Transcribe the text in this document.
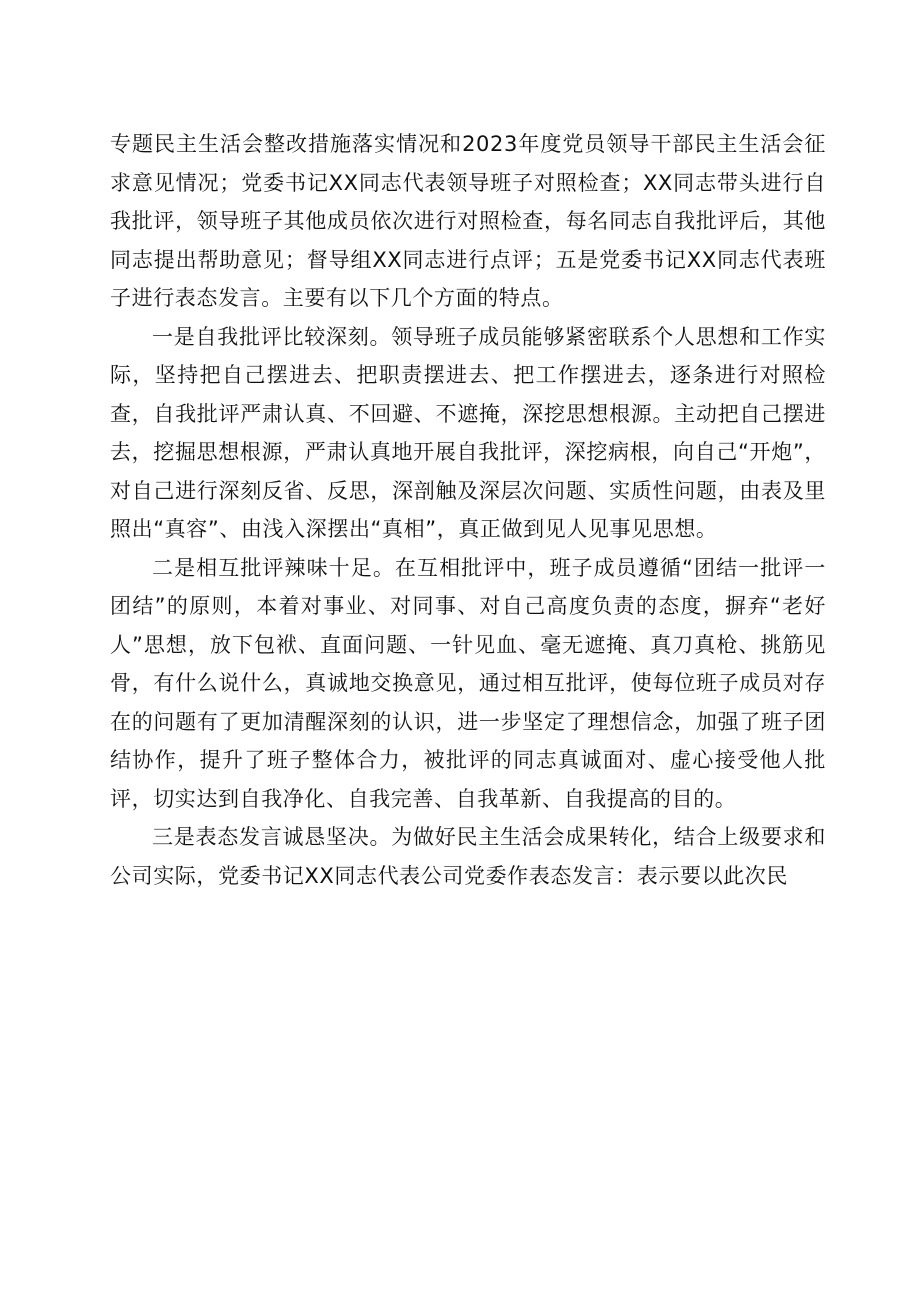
专题民主生活会整改措施落实情况和2023年度党员领导干部民主生活会征求意见情况；党委书记XX同志代表领导班子对照检查；XX同志带头进行自我批评，领导班子其他成员依次进行对照检查，每名同志自我批评后，其他同志提出帮助意见；督导组XX同志进行点评；五是党委书记XX同志代表班子进行表态发言。主要有以下几个方面的特点。

一是自我批评比较深刻。领导班子成员能够紧密联系个人思想和工作实际，坚持把自己摆进去、把职责摆进去、把工作摆进去，逐条进行对照检查，自我批评严肃认真、不回避、不遮掩，深挖思想根源。主动把自己摆进去，挖掘思想根源，严肃认真地开展自我批评，深挖病根，向自己“开炮”，对自己进行深刻反省、反思，深剖触及深层次问题、实质性问题，由表及里照出“真容”、由浅入深摆出“真相”，真正做到见人见事见思想。

二是相互批评辣味十足。在互相批评中，班子成员遵循“团结一批评一团结”的原则，本着对事业、对同事、对自己高度负责的态度，摒弃“老好人”思想，放下包袱、直面问题、一针见血、毫无遮掩、真刀真枪、挑筋见骨，有什么说什么，真诚地交换意见，通过相互批评，使每位班子成员对存在的问题有了更加清醒深刻的认识，进一步坚定了理想信念，加强了班子团结协作，提升了班子整体合力，被批评的同志真诚面对、虚心接受他人批评，切实达到自我净化、自我完善、自我革新、自我提高的目的。

三是表态发言诚恳坚决。为做好民主生活会成果转化，结合上级要求和公司实际，党委书记XX同志代表公司党委作表态发言：表示要以此次民
